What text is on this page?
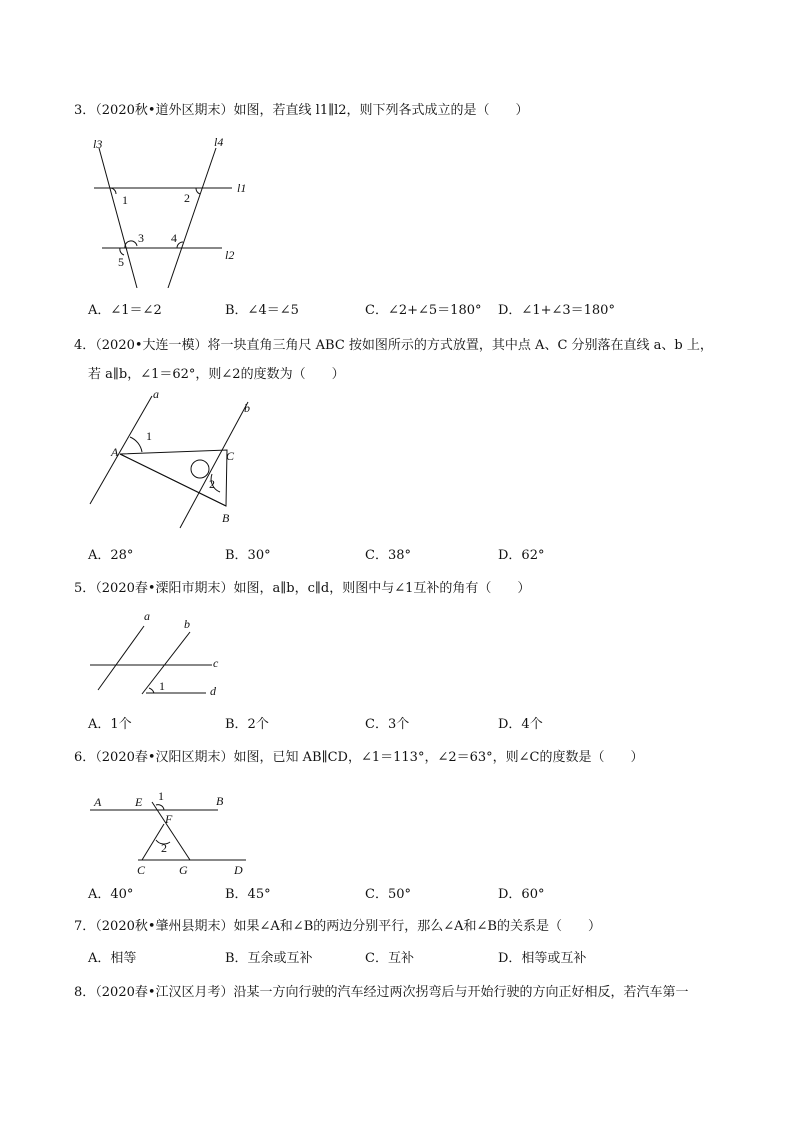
3．（2020秋•道外区期末）如图，若直线 l1∥l2，则下列各式成立的是（　　）
l3	l4
l1
l2
1	2
3 4
5
A．∠1＝∠2	B．∠4＝∠5	C．∠2+∠5＝180° D．∠1+∠3＝180°
4．（2020•大连一模）将一块直角三角尺 ABC 按如图所示的方式放置，其中点 A、C 分别落在直线 a、b 上，
若 a∥b，∠1＝62°，则∠2的度数为（　　）
a
b
1
A	C
2
B
A．28°	B．30°	C．38°	D．62°
5．（2020春•溧阳市期末）如图，a∥b，c∥d，则图中与∠1互补的角有（　　）
a
b
c
1	d
A．1个	B．2个	C．3个	D．4个
6．（2020春•汉阳区期末）如图，已知 AB∥CD，∠1＝113°，∠2＝63°，则∠C的度数是（　　）
A	E 1	B
F
2
C	G	D
A．40°	B．45°	C．50°	D．60°
7．（2020秋•肇州县期末）如果∠A和∠B的两边分别平行，那么∠A和∠B的关系是（　　）
A．相等	B．互余或互补	C．互补	D．相等或互补
8．（2020春•江汉区月考）沿某一方向行驶的汽车经过两次拐弯后与开始行驶的方向正好相反，若汽车第一
